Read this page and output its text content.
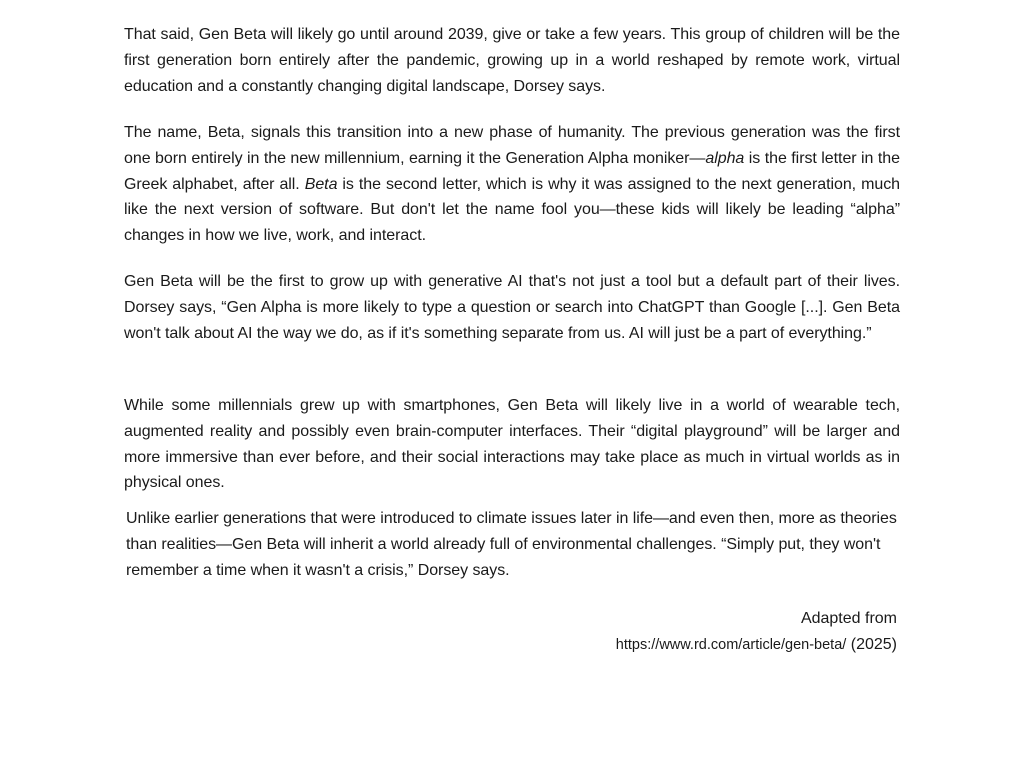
That said, Gen Beta will likely go until around 2039, give or take a few years. This group of children will be the first generation born entirely after the pandemic, growing up in a world reshaped by remote work, virtual education and a constantly changing digital landscape, Dorsey says.

The name, Beta, signals this transition into a new phase of humanity. The previous generation was the first one born entirely in the new millennium, earning it the Generation Alpha moniker—alpha is the first letter in the Greek alphabet, after all. Beta is the second letter, which is why it was assigned to the next generation, much like the next version of software. But don't let the name fool you—these kids will likely be leading “alpha” changes in how we live, work, and interact.

Gen Beta will be the first to grow up with generative AI that's not just a tool but a default part of their lives. Dorsey says, “Gen Alpha is more likely to type a question or search into ChatGPT than Google [...]. Gen Beta won't talk about AI the way we do, as if it's something separate from us. AI will just be a part of everything.”

While some millennials grew up with smartphones, Gen Beta will likely live in a world of wearable tech, augmented reality and possibly even brain-computer interfaces. Their “digital playground” will be larger and more immersive than ever before, and their social interactions may take place as much in virtual worlds as in physical ones.

Unlike earlier generations that were introduced to climate issues later in life—and even then, more as theories than realities—Gen Beta will inherit a world already full of environmental challenges. “Simply put, they won't remember a time when it wasn't a crisis,” Dorsey says.

Adapted from

https://www.rd.com/article/gen-beta/ (2025)
